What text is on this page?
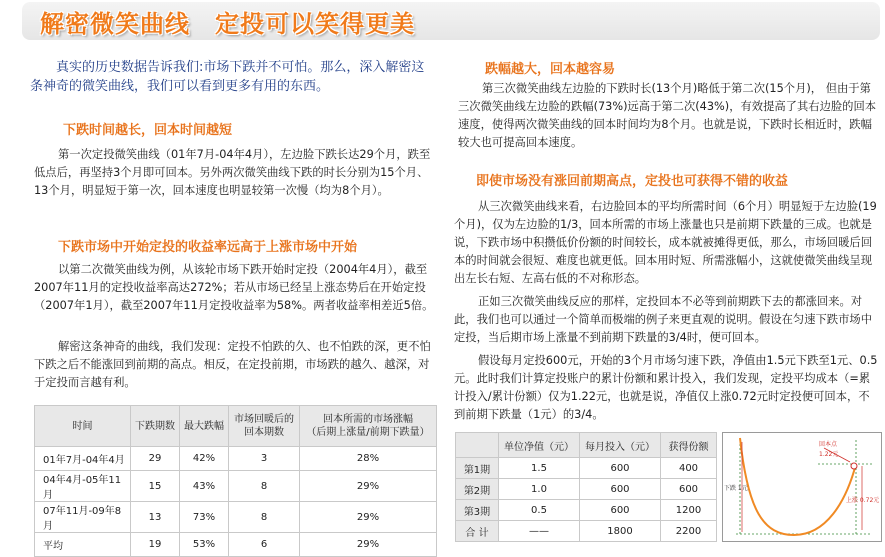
解密微笑曲线　定投可以笑得更美
真实的历史数据告诉我们:市场下跌并不可怕。那么，深入解密这条神奇的微笑曲线，我们可以看到更多有用的东西。
下跌时间越长，回本时间越短
第一次定投微笑曲线（01年7月-04年4月），左边脸下跌长达29个月，跌至低点后，再坚持3个月即可回本。另外两次微笑曲线下跌的时长分别为15个月、13个月，明显短于第一次，回本速度也明显较第一次慢（均为8个月）。
下跌市场中开始定投的收益率远高于上涨市场中开始
以第二次微笑曲线为例，从该轮市场下跌开始时定投（2004年4月），截至2007年11月的定投收益率高达272%；若从市场已经呈上涨态势后在开始定投（2007年1月），截至2007年11月定投收益率为58%。两者收益率相差近5倍。
解密这条神奇的曲线，我们发现：定投不怕跌的久、也不怕跌的深，更不怕下跌之后不能涨回到前期的高点。相反，在定投前期，市场跌的越久、越深，对于定投而言越有利。
时间	下跌期数	最大跌幅	市场回暖后的
回本期数	回本所需的市场涨幅
（后期上涨量/前期下跌量）
01年7月-04年4月	29	42%	3	28%
04年4月-05年11月	15	43%	8	29%
07年11月-09年8月	13	73%	8	29%
平均	19	53%	6	29%
跌幅越大，回本越容易
第三次微笑曲线左边脸的下跌时长(13个月)略低于第二次(15个月)， 但由于第三次微笑曲线左边脸的跌幅(73%)远高于第二次(43%)，有效提高了其右边脸的回本速度，使得两次微笑曲线的回本时间均为8个月。也就是说，下跌时长相近时，跌幅较大也可提高回本速度。
即使市场没有涨回前期高点，定投也可获得不错的收益
从三次微笑曲线来看，右边脸回本的平均所需时间（6个月）明显短于左边脸(19个月)，仅为左边脸的1/3，回本所需的市场上涨量也只是前期下跌量的三成。也就是说，下跌市场中积攒低价份额的时间较长，成本就被摊得更低，那么，市场回暖后回本的时间就会很短、难度也就更低。回本用时短、所需涨幅小，这就使微笑曲线呈现出左长右短、左高右低的不对称形态。
正如三次微笑曲线反应的那样，定投回本不必等到前期跌下去的都涨回来。对此，我们也可以通过一个简单而极端的例子来更直观的说明。假设在匀速下跌市场中定投，当后期市场上涨量不到前期下跌量的3/4时，便可回本。
假设每月定投600元，开始的3个月市场匀速下跌，净值由1.5元下跌至1元、0.5元。此时我们计算定投账户的累计份额和累计投入，我们发现，定投平均成本（=累计投入/累计份额）仅为1.22元，也就是说，净值仅上涨0.72元时定投便可回本，不到前期下跌量（1元）的3/4。
	单位净值（元）	每月投入（元）	获得份额
第1期	1.5	600	400
第2期	1.0	600	600
第3期	0.5	600	1200
合 计	——	1800	2200
回本点
1.22元
下跌 1元
上涨 0.72元
